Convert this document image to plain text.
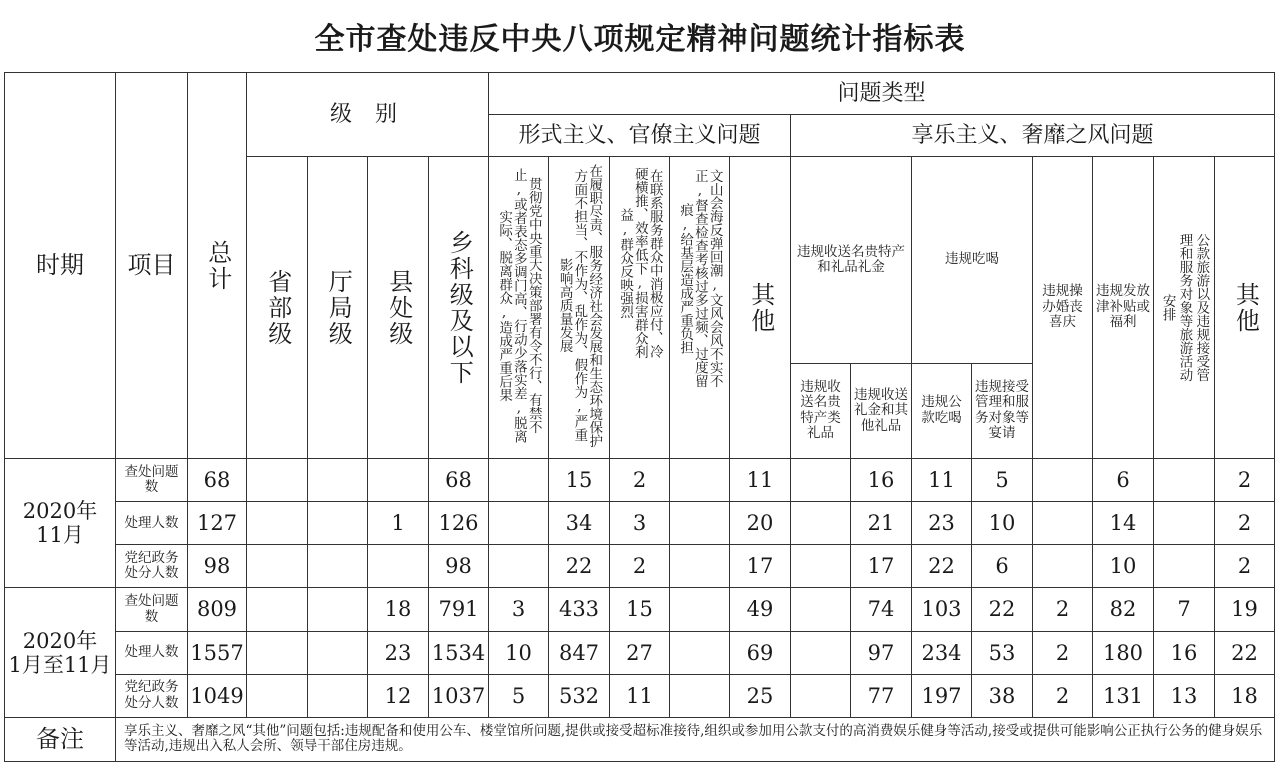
全市查处违反中央八项规定精神问题统计指标表
时期	项目	总计	级 别				问题类型												
							形式主义、官僚主义问题					享乐主义、奢靡之风问题							

			省部级	厅局级	县处级	乡科级及以下	贯彻党中央重大决策部署有令不行、有禁不止,或者表态多调门高、行动少落实差,脱离实际、脱离群众,造成严重后果	在履职尽责、服务经济社会发展和生态环境保护方面不担当、不作为、乱作为、假作为,严重影响高质量发展	在联系服务群众中消极应付、冷硬横推、效率低下,损害群众利益,群众反映强烈	文山会海反弹回潮,文风会风不实不正,督查检查考核过多过频、过度留痕,给基层造成严重负担	其他	违规收送名贵特产和礼品礼金		违规吃喝		违规操办婚丧喜庆	违规发放津补贴或福利	公款旅游以及违规接受管理和服务对象等旅游活动安排	其他

												违规收送名贵特产类礼品	违规收送礼金和其他礼品	违规公款吃喝	违规接受管理和服务对象等宴请				
2020年
11月	查处问题数	68				68		15	2		11		16	11	5		6		2
	处理人数	127			1	126		34	3		20		21	23	10		14		2
	党纪政务处分人数	98				98		22	2		17		17	22	6		10		2
2020年
1月至11月	查处问题数	809			18	791	3	433	15		49		74	103	22	2	82	7	19
	处理人数	1557			23	1534	10	847	27		69		97	234	53	2	180	16	22
	党纪政务处分人数	1049			12	1037	5	532	11		25		77	197	38	2	131	13	18
备注	享乐主义、奢靡之风“其他”问题包括:违规配备和使用公车、楼堂馆所问题,提供或接受超标准接待,组织或参加用公款支付的高消费娱乐健身等活动,接受或提供可能影响公正执行公务的健身娱乐等活动,违规出入私人会所、领导干部住房违规。																		
